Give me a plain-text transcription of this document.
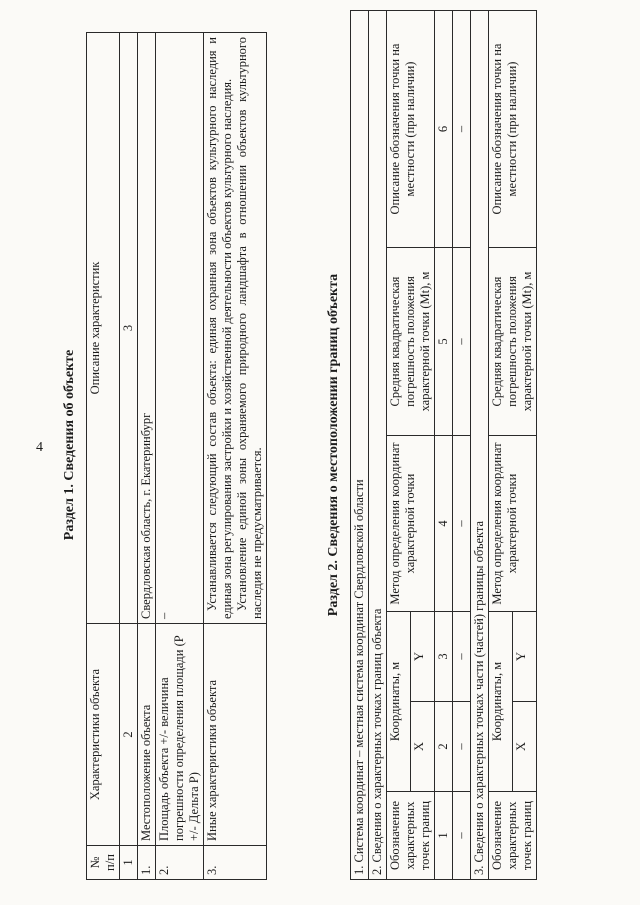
4 Раздел 1. Сведения об объекте
№ п/п	Характеристики объекта	Описание характеристик
1	2	3
1.	Местоположение объекта	Свердловская область, г. Екатеринбург
2.	Площадь объекта +/- величина погрешности определения площади (P +/- Дельта P)	–
3.	Иные характеристики объекта	Устанавливается следующий состав объекта: единая охранная зона объектов культурного наследия и единая зона регулирования застройки и хозяйственной деятельности объектов культурного наследия. Установление единой зоны охраняемого природного ландшафта в отношении объектов культурного наследия не предусматривается.	Раздел 2. Сведения о местоположении границ объекта
1. Система координат – местная система координат Свердловской области					
2. Сведения о характерных точках границ объекта					
Обозначение характерных точек границ	Координаты, м		Метод определения координат характерной точки	Средняя квадратическая погрешность положения характерной точки (Mt), м	Описание обозначения точки на местности (при наличии)
	X	Y			
1	2	3	4	5	6
–	–	–	–	–	–
3. Сведения о характерных точках части (частей) границы объекта					
Обозначение характерных точек границ	Координаты, м		Метод определения координат характерной точки	Средняя квадратическая погрешность положения характерной точки (Mt), м	Описание обозначения точки на местности (при наличии)
	X	Y			
